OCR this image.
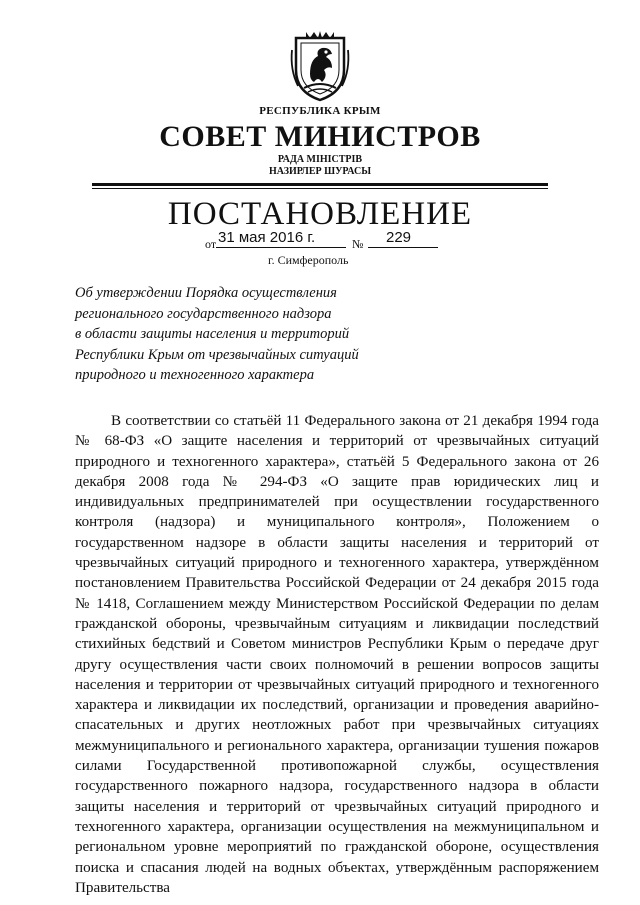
РЕСПУБЛИКА КРЫМ
СОВЕТ МИНИСТРОВ
РАДА МІНІСТРІВ
НАЗИРЛЕР ШУРАСЫ
ПОСТАНОВЛЕНИЕ
от 31 мая 2016 г.	№ 229
г. Симферополь
Об утверждении Порядка осуществления
регионального государственного надзора
в области защиты населения и территорий
Республики Крым от чрезвычайных ситуаций
природного и техногенного характера

В соответствии со статьёй 11 Федерального закона от 21 декабря 1994 года № 68-ФЗ «О защите населения и территорий от чрезвычайных ситуаций природного и техногенного характера», статьёй 5 Федерального закона от 26 декабря 2008 года № 294-ФЗ «О защите прав юридических лиц и индивидуальных предпринимателей при осуществлении государственного контроля (надзора) и муниципального контроля», Положением о государственном надзоре в области защиты населения и территорий от чрезвычайных ситуаций природного и техногенного характера, утверждённом постановлением Правительства Российской Федерации от 24 декабря 2015 года № 1418, Соглашением между Министерством Российской Федерации по делам гражданской обороны, чрезвычайным ситуациям и ликвидации последствий стихийных бедствий и Советом министров Республики Крым о передаче друг другу осуществления части своих полномочий в решении вопросов защиты населения и территории от чрезвычайных ситуаций природного и техногенного характера и ликвидации их последствий, организации и проведения аварийно-спасательных и других неотложных работ при чрезвычайных ситуациях межмуниципального и регионального характера, организации тушения пожаров силами Государственной противопожарной службы, осуществления государственного пожарного надзора, государственного надзора в области защиты населения и территорий от чрезвычайных ситуаций природного и техногенного характера, организации осуществления на межмуниципальном и региональном уровне мероприятий по гражданской обороне, осуществления поиска и спасания людей на водных объектах, утверждённым распоряжением Правительства
